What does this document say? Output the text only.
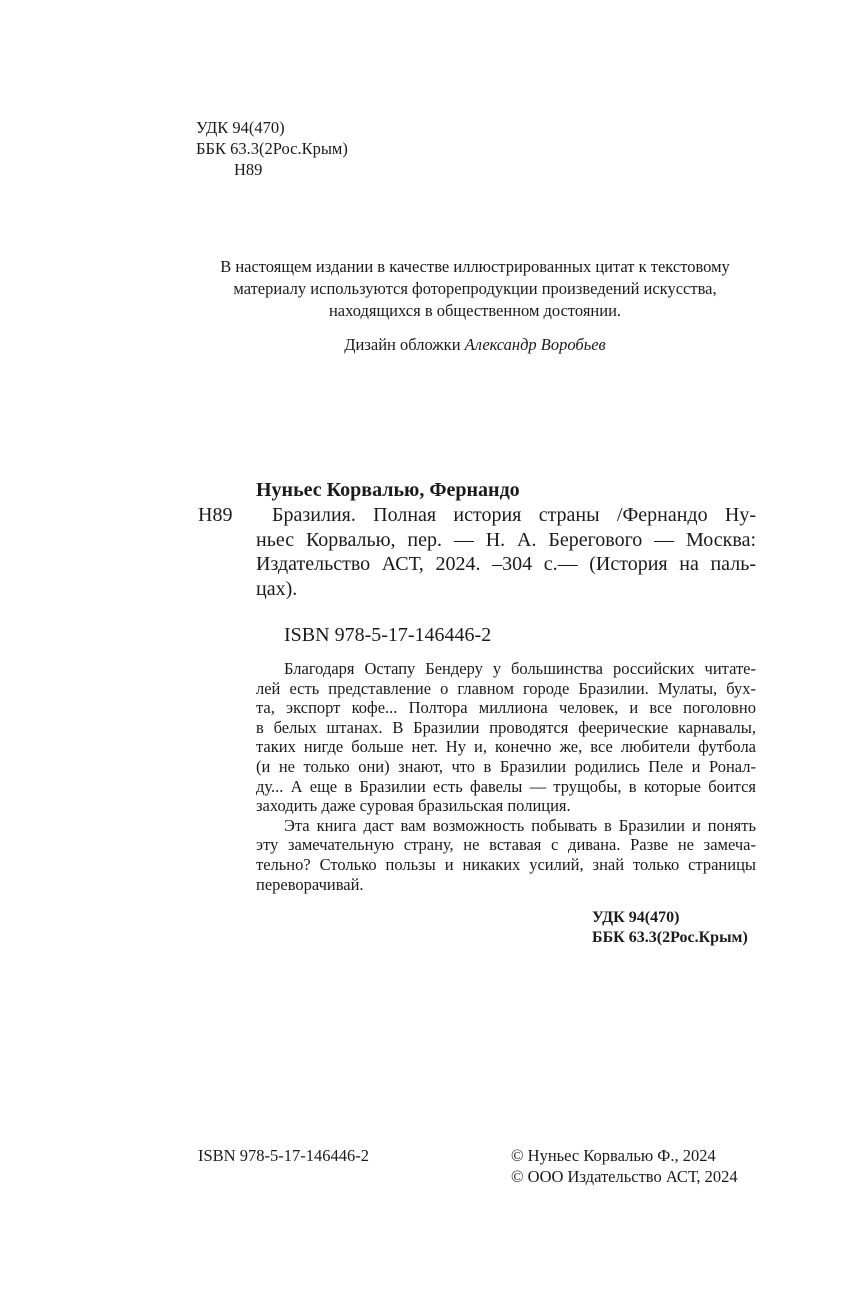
УДК 94(470)
ББК 63.3(2Рос.Крым)
Н89

В настоящем издании в качестве иллюстрированных цитат к текстовому

материалу используются фоторепродукции произведений искусства,

находящихся в общественном достоянии.

Дизайн обложки Александр Воробьев
Нуньес Корвалью, Фернандо
Н89	Бразилия. Полная история страны /Фернандо Ну-
ньес Корвалью, пер. — Н. А. Берегового — Москва:
Издательство АСТ, 2024. –304 с.— (История на паль-
цах).
ISBN 978-5-17-146446-2
Благодаря Остапу Бендеру у большинства российских читате-
лей есть представление о главном городе Бразилии. Мулаты, бух-
та, экспорт кофе... Полтора миллиона человек, и все поголовно
в белых штанах. В Бразилии проводятся феерические карнавалы,
таких нигде больше нет. Ну и, конечно же, все любители футбола
(и не только они) знают, что в Бразилии родились Пеле и Ронал-
ду... А еще в Бразилии есть фавелы — трущобы, в которые боится
заходить даже суровая бразильская полиция.
Эта книга даст вам возможность побывать в Бразилии и понять
эту замечательную страну, не вставая с дивана. Разве не замеча-
тельно? Столько пользы и никаких усилий, знай только страницы
переворачивай.
УДК 94(470)
ББК 63.3(2Рос.Крым)
ISBN 978-5-17-146446-2	© Нуньес Корвалью Ф., 2024
© ООО Издательство АСТ, 2024
